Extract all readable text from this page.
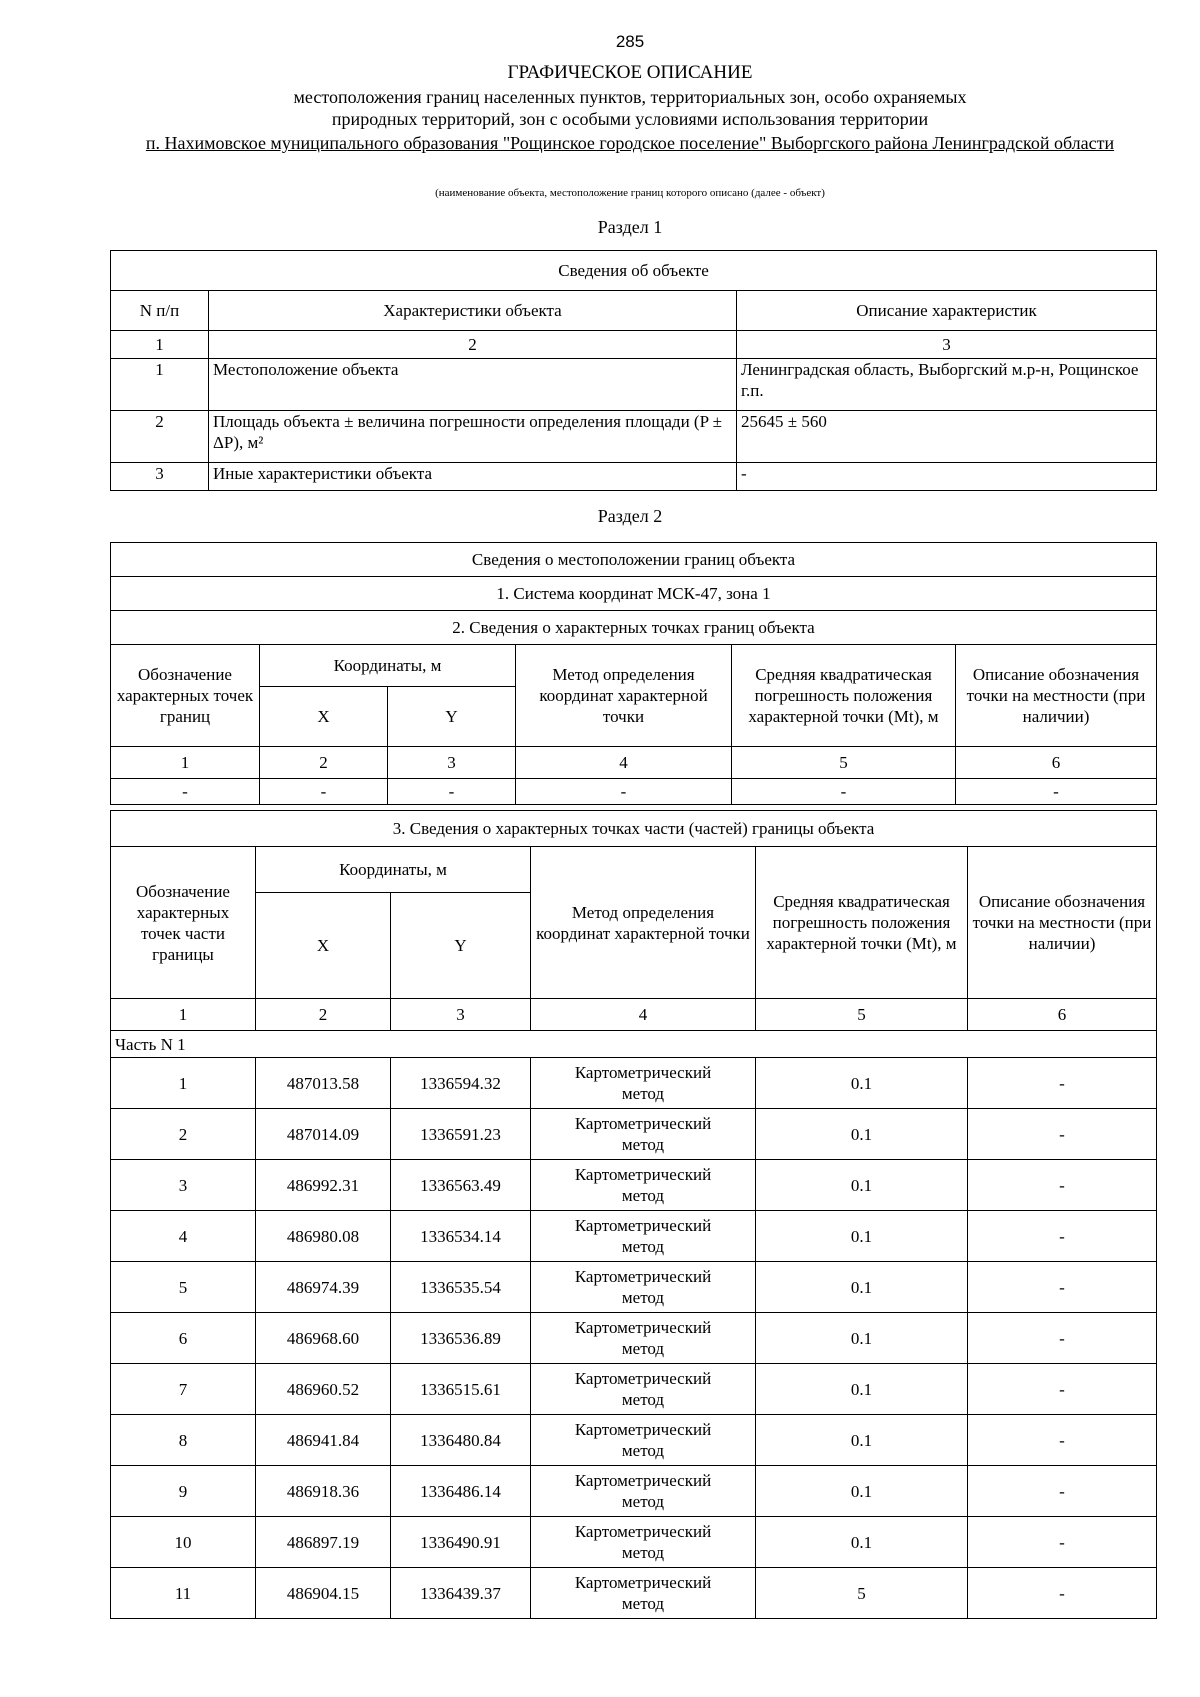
285
ГРАФИЧЕСКОЕ ОПИСАНИЕ
местоположения границ населенных пунктов, территориальных зон, особо охраняемых
природных территорий, зон с особыми условиями использования территории
п. Нахимовское муниципального образования "Рощинское городское поселение" Выборгского района Ленинградской области
(наименование объекта, местоположение границ которого описано (далее - объект)
Раздел 1
Сведения об объекте		
N п/п	Характеристики объекта	Описание характеристик
1	2	3
1	Местоположение объекта	Ленинградская область, Выборгский м.р-н, Рощинское г.п.
2	Площадь объекта ± величина погрешности определения площади (P ± ΔP), м²	25645 ± 560
3	Иные характеристики объекта	-
Раздел 2
Сведения о местоположении границ объекта					
1. Система координат МСК-47, зона 1					
2. Сведения о характерных точках границ объекта					
Обозначение характерных точек границ	Координаты, м		Метод определения координат характерной точки	Средняя квадратическая погрешность положения характерной точки (Mt), м	Описание обозначения точки на местности (при наличии)
	X	Y			
1	2	3	4	5	6
-	-	-	-	-	-
3. Сведения о характерных точках части (частей) границы объекта					
Обозначение характерных точек части границы	Координаты, м		Метод определения координат характерной точки	Средняя квадратическая погрешность положения характерной точки (Mt), м	Описание обозначения точки на местности (при наличии)
	X	Y			
1	2	3	4	5	6
Часть N 1					
1	487013.58	1336594.32	Картометрический метод	0.1	-
2	487014.09	1336591.23	Картометрический метод	0.1	-
3	486992.31	1336563.49	Картометрический метод	0.1	-
4	486980.08	1336534.14	Картометрический метод	0.1	-
5	486974.39	1336535.54	Картометрический метод	0.1	-
6	486968.60	1336536.89	Картометрический метод	0.1	-
7	486960.52	1336515.61	Картометрический метод	0.1	-
8	486941.84	1336480.84	Картометрический метод	0.1	-
9	486918.36	1336486.14	Картометрический метод	0.1	-
10	486897.19	1336490.91	Картометрический метод	0.1	-
11	486904.15	1336439.37	Картометрический метод	5	-
